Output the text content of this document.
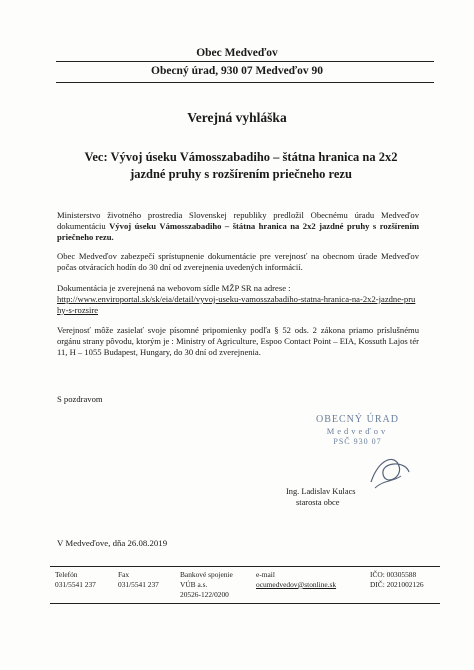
Obec Medveďov
Obecný úrad, 930 07 Medveďov 90
Verejná vyhláška
Vec: Vývoj úseku Vámosszabadiho – štátna hranica na 2x2
jazdné pruhy s rozšírením priečneho rezu
Ministerstvo životného prostredia Slovenskej republiky predložil Obecnému úradu Medveďov dokumentáciu Vývoj úseku Vámosszabadiho – štátna hranica na 2x2 jazdné pruhy s rozšírením priečneho rezu.
Obec Medveďov zabezpečí sprístupnenie dokumentácie pre verejnosť na obecnom úrade Medveďov počas otváracích hodín do 30 dní od zverejnenia uvedených informácií.
Dokumentácia je zverejnená na webovom sídle MŽP SR na adrese :
http://www.enviroportal.sk/sk/eia/detail/vyvoj-useku-vamosszabadiho-statna-hranica-na-2x2-jazdne-pruhy-s-rozsire
Verejnosť môže zasielať svoje písomné pripomienky podľa § 52 ods. 2 zákona priamo príslušnému orgánu strany pôvodu, ktorým je : Ministry of Agriculture, Espoo Contact Point – EIA, Kossuth Lajos tér 11, H – 1055 Budapest, Hungary, do 30 dní od zverejnenia.
S pozdravom
OBECNÝ ÚRAD
Medveďov
PSČ 930 07
Ing. Ladislav Kulacs
starosta obce
V Medveďove, dňa 26.08.2019
Telefón
031/5541 237
Fax
031/5541 237
Bankové spojenie
VÚB a.s.
20526-122/0200
e-mail
ocumedvedov@stonline.sk
IČO: 00305588
DIČ: 2021002126
